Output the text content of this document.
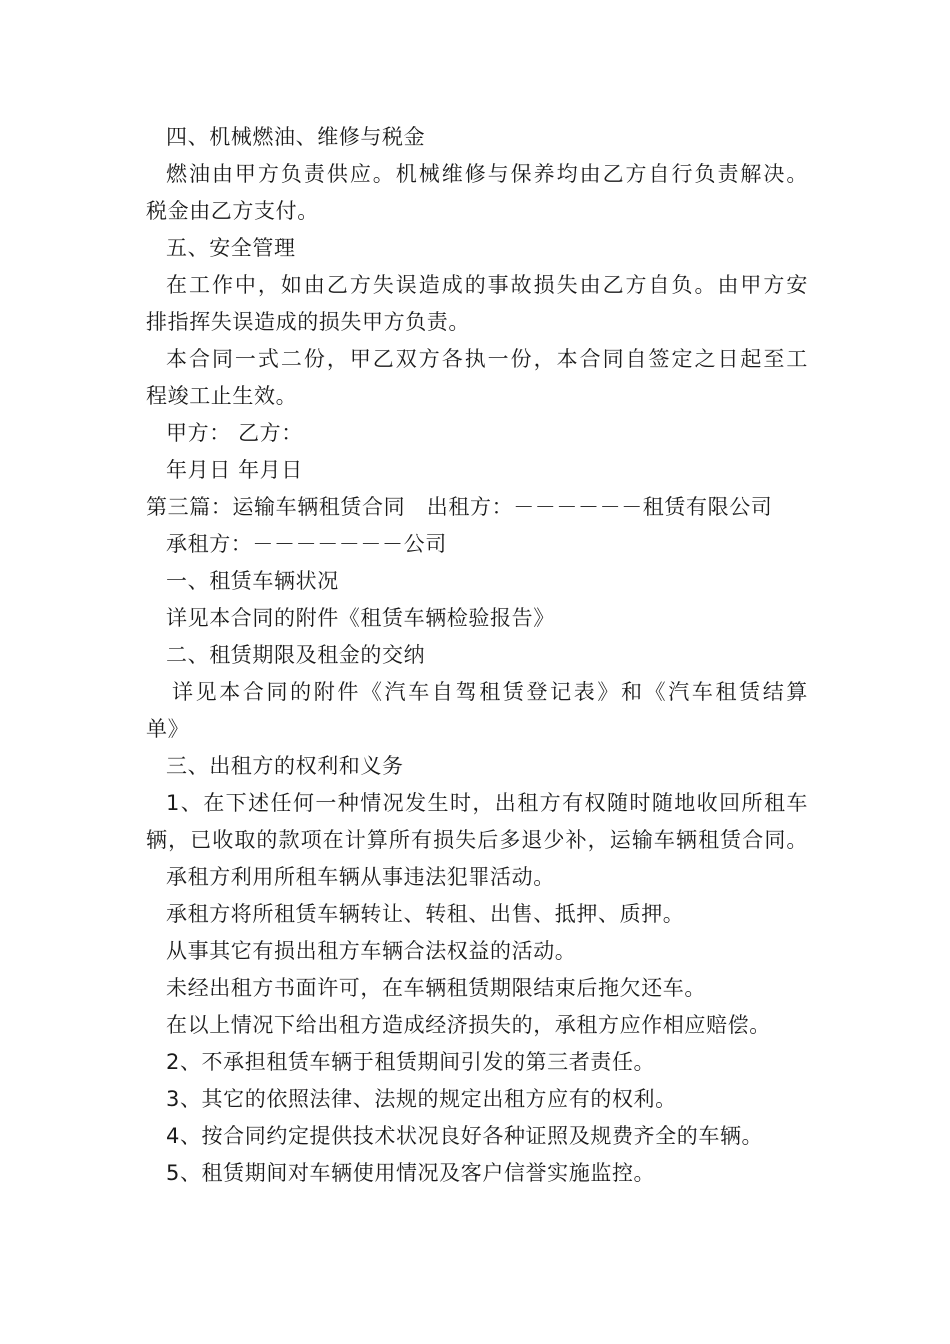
四、机械燃油、维修与税金
燃油由甲方负责供应。机械维修与保养均由乙方自行负责解决。
税金由乙方支付。
五、安全管理
在工作中，如由乙方失误造成的事故损失由乙方自负。由甲方安
排指挥失误造成的损失甲方负责。
本合同一式二份，甲乙双方各执一份，本合同自签定之日起至工
程竣工止生效。
甲方： 乙方：
年月日 年月日
第三篇：运输车辆租赁合同　出租方：－－－－－－租赁有限公司
承租方：－－－－－－－公司
一、租赁车辆状况
详见本合同的附件《租赁车辆检验报告》
二、租赁期限及租金的交纳
详见本合同的附件《汽车自驾租赁登记表》和《汽车租赁结算
单》
三、出租方的权利和义务
1、在下述任何一种情况发生时，出租方有权随时随地收回所租车
辆，已收取的款项在计算所有损失后多退少补，运输车辆租赁合同。
承租方利用所租车辆从事违法犯罪活动。
承租方将所租赁车辆转让、转租、出售、抵押、质押。
从事其它有损出租方车辆合法权益的活动。
未经出租方书面许可，在车辆租赁期限结束后拖欠还车。
在以上情况下给出租方造成经济损失的，承租方应作相应赔偿。
2、不承担租赁车辆于租赁期间引发的第三者责任。
3、其它的依照法律、法规的规定出租方应有的权利。
4、按合同约定提供技术状况良好各种证照及规费齐全的车辆。
5、租赁期间对车辆使用情况及客户信誉实施监控。
